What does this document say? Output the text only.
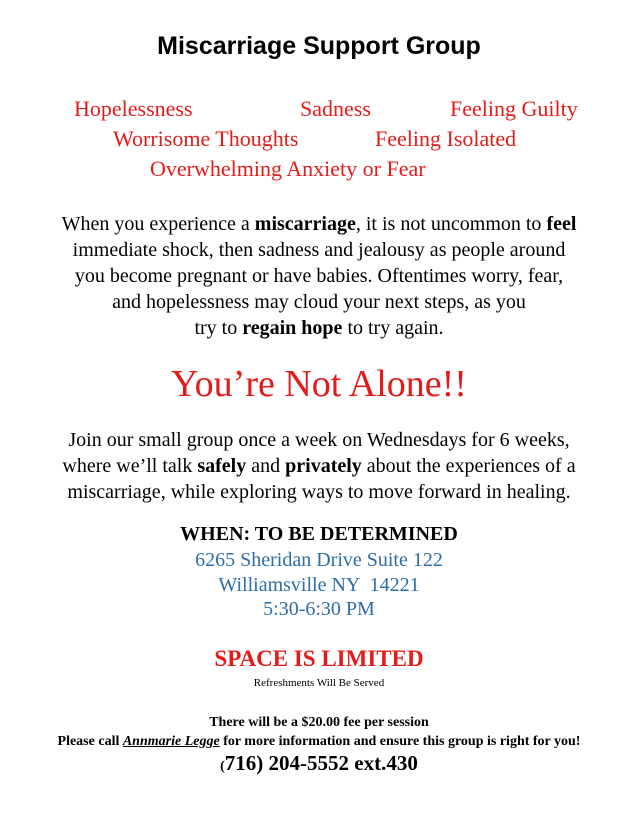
Miscarriage Support Group
Hopelessness	Sadness	Feeling Guilty
Worrisome Thoughts	Feeling Isolated
Overwhelming Anxiety or Fear
When you experience a miscarriage, it is not uncommon to feel
immediate shock, then sadness and jealousy as people around
you become pregnant or have babies. Oftentimes worry, fear,
and hopelessness may cloud your next steps, as you
try to regain hope to try again.
You’re Not Alone!!
Join our small group once a week on Wednesdays for 6 weeks,
where we’ll talk safely and privately about the experiences of a
miscarriage, while exploring ways to move forward in healing.
WHEN: TO BE DETERMINED
6265 Sheridan Drive Suite 122
Williamsville NY  14221
5:30-6:30 PM
SPACE IS LIMITED
Refreshments Will Be Served
There will be a $20.00 fee per session
Please call Annmarie Legge for more information and ensure this group is right for you!
(716) 204-5552 ext.430
